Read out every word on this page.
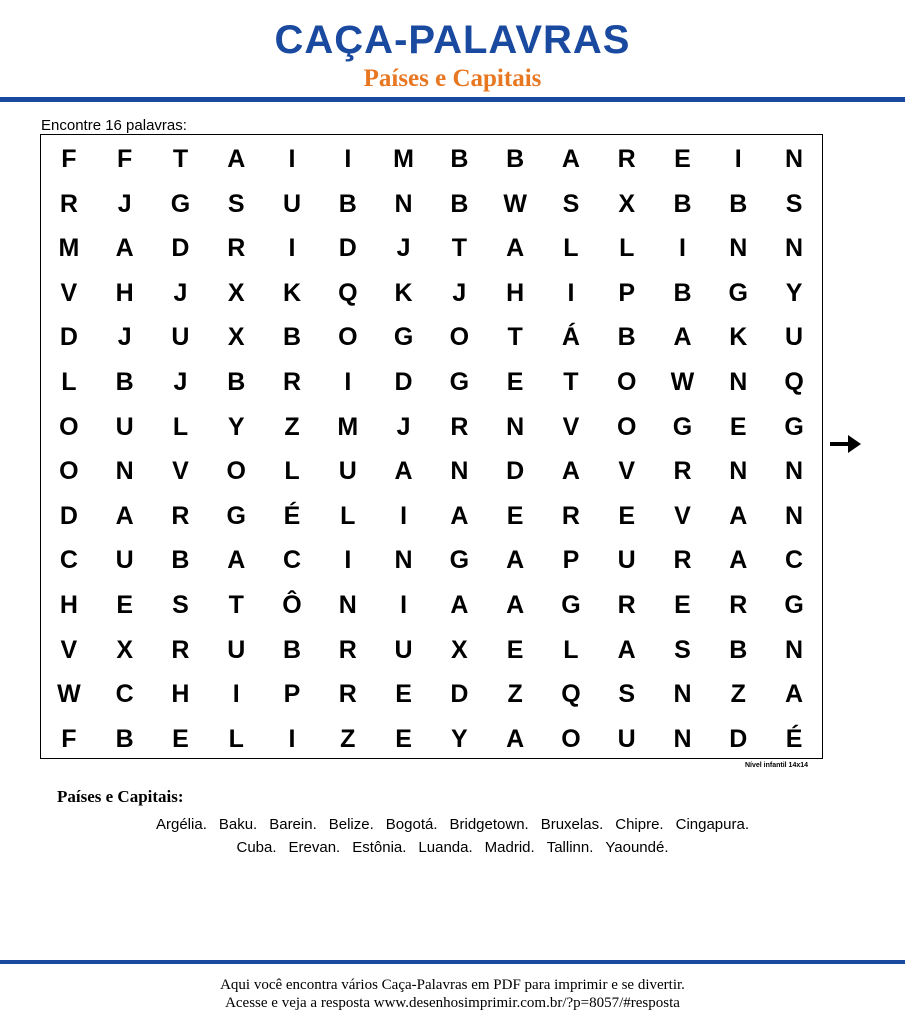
CAÇA-PALAVRAS
Países e Capitais
Encontre 16 palavras:
F	F	T	A	I	I	M	B	B	A	R	E	I	N
R	J	G	S	U	B	N	B	W	S	X	B	B	S
M	A	D	R	I	D	J	T	A	L	L	I	N	N
V	H	J	X	K	Q	K	J	H	I	P	B	G	Y
D	J	U	X	B	O	G	O	T	Á	B	A	K	U
L	B	J	B	R	I	D	G	E	T	O	W	N	Q
O	U	L	Y	Z	M	J	R	N	V	O	G	E	G
O	N	V	O	L	U	A	N	D	A	V	R	N	N
D	A	R	G	É	L	I	A	E	R	E	V	A	N
C	U	B	A	C	I	N	G	A	P	U	R	A	C
H	E	S	T	Ô	N	I	A	A	G	R	E	R	G
V	X	R	U	B	R	U	X	E	L	A	S	B	N
W	C	H	I	P	R	E	D	Z	Q	S	N	Z	A
F	B	E	L	I	Z	E	Y	A	O	U	N	D	É
Nível infantil 14x14
Países e Capitais:
Argélia. Baku. Barein. Belize. Bogotá. Bridgetown. Bruxelas. Chipre. Cingapura.
Cuba. Erevan. Estônia. Luanda. Madrid. Tallinn. Yaoundé.
Aqui você encontra vários Caça-Palavras em PDF para imprimir e se divertir.
Acesse e veja a resposta www.desenhosimprimir.com.br/?p=8057/#resposta
